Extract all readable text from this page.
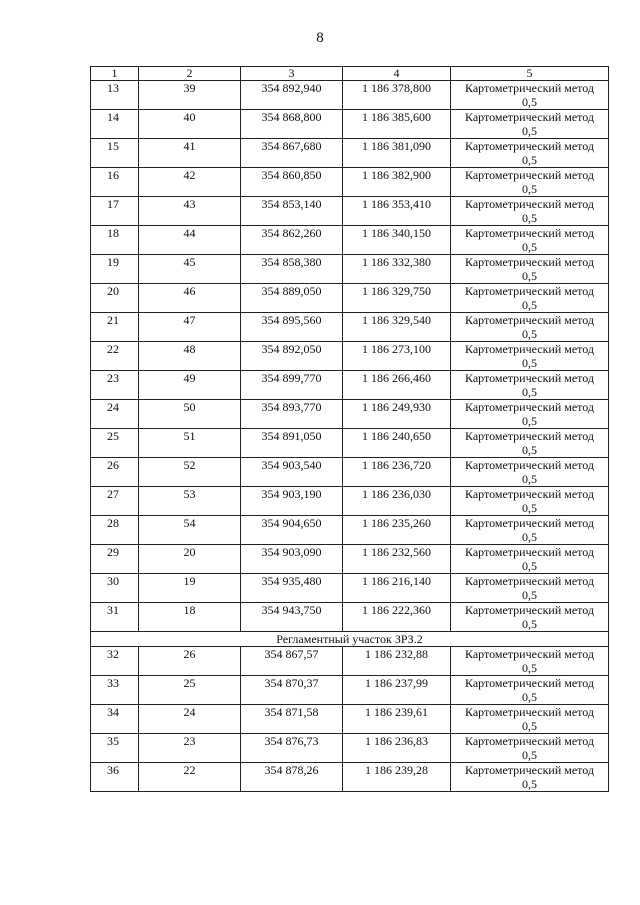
8
1	2	3	4	5
13	39	354 892,940	1 186 378,800	Картометрический метод
0,5

14	40	354 868,800	1 186 385,600	Картометрический метод
0,5

15	41	354 867,680	1 186 381,090	Картометрический метод
0,5

16	42	354 860,850	1 186 382,900	Картометрический метод
0,5

17	43	354 853,140	1 186 353,410	Картометрический метод
0,5

18	44	354 862,260	1 186 340,150	Картометрический метод
0,5

19	45	354 858,380	1 186 332,380	Картометрический метод
0,5

20	46	354 889,050	1 186 329,750	Картометрический метод
0,5

21	47	354 895,560	1 186 329,540	Картометрический метод
0,5

22	48	354 892,050	1 186 273,100	Картометрический метод
0,5

23	49	354 899,770	1 186 266,460	Картометрический метод
0,5

24	50	354 893,770	1 186 249,930	Картометрический метод
0,5

25	51	354 891,050	1 186 240,650	Картометрический метод
0,5

26	52	354 903,540	1 186 236,720	Картометрический метод
0,5

27	53	354 903,190	1 186 236,030	Картометрический метод
0,5

28	54	354 904,650	1 186 235,260	Картометрический метод
0,5

29	20	354 903,090	1 186 232,560	Картометрический метод
0,5

30	19	354 935,480	1 186 216,140	Картометрический метод
0,5

31	18	354 943,750	1 186 222,360	Картометрический метод
0,5

Регламентный участок ЗРЗ.2				
32	26	354 867,57	1 186 232,88	Картометрический метод
0,5

33	25	354 870,37	1 186 237,99	Картометрический метод
0,5

34	24	354 871,58	1 186 239,61	Картометрический метод
0,5

35	23	354 876,73	1 186 236,83	Картометрический метод
0,5

36	22	354 878,26	1 186 239,28	Картометрический метод
0,5
